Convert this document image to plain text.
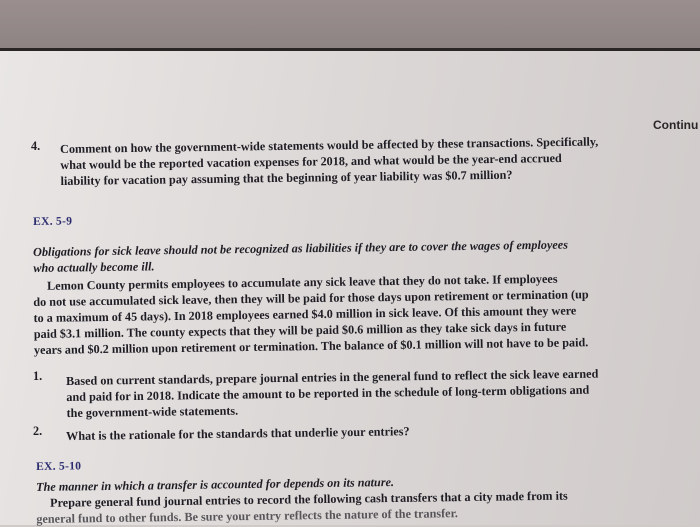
Continu
4. Comment on how the government-wide statements would be affected by these transactions. Specifically,
what would be the reported vacation expenses for 2018, and what would be the year-end accrued
liability for vacation pay assuming that the beginning of year liability was $0.7 million?
EX. 5-9
Obligations for sick leave should not be recognized as liabilities if they are to cover the wages of employees
who actually become ill.
Lemon County permits employees to accumulate any sick leave that they do not take. If employees
do not use accumulated sick leave, then they will be paid for those days upon retirement or termination (up
to a maximum of 45 days). In 2018 employees earned $4.0 million in sick leave. Of this amount they were
paid $3.1 million. The county expects that they will be paid $0.6 million as they take sick days in future
years and $0.2 million upon retirement or termination. The balance of $0.1 million will not have to be paid.
1. Based on current standards, prepare journal entries in the general fund to reflect the sick leave earned
and paid for in 2018. Indicate the amount to be reported in the schedule of long-term obligations and
the government-wide statements.
2. What is the rationale for the standards that underlie your entries?
EX. 5-10
The manner in which a transfer is accounted for depends on its nature.
Prepare general fund journal entries to record the following cash transfers that a city made from its
general fund to other funds. Be sure your entry reflects the nature of the transfer.
